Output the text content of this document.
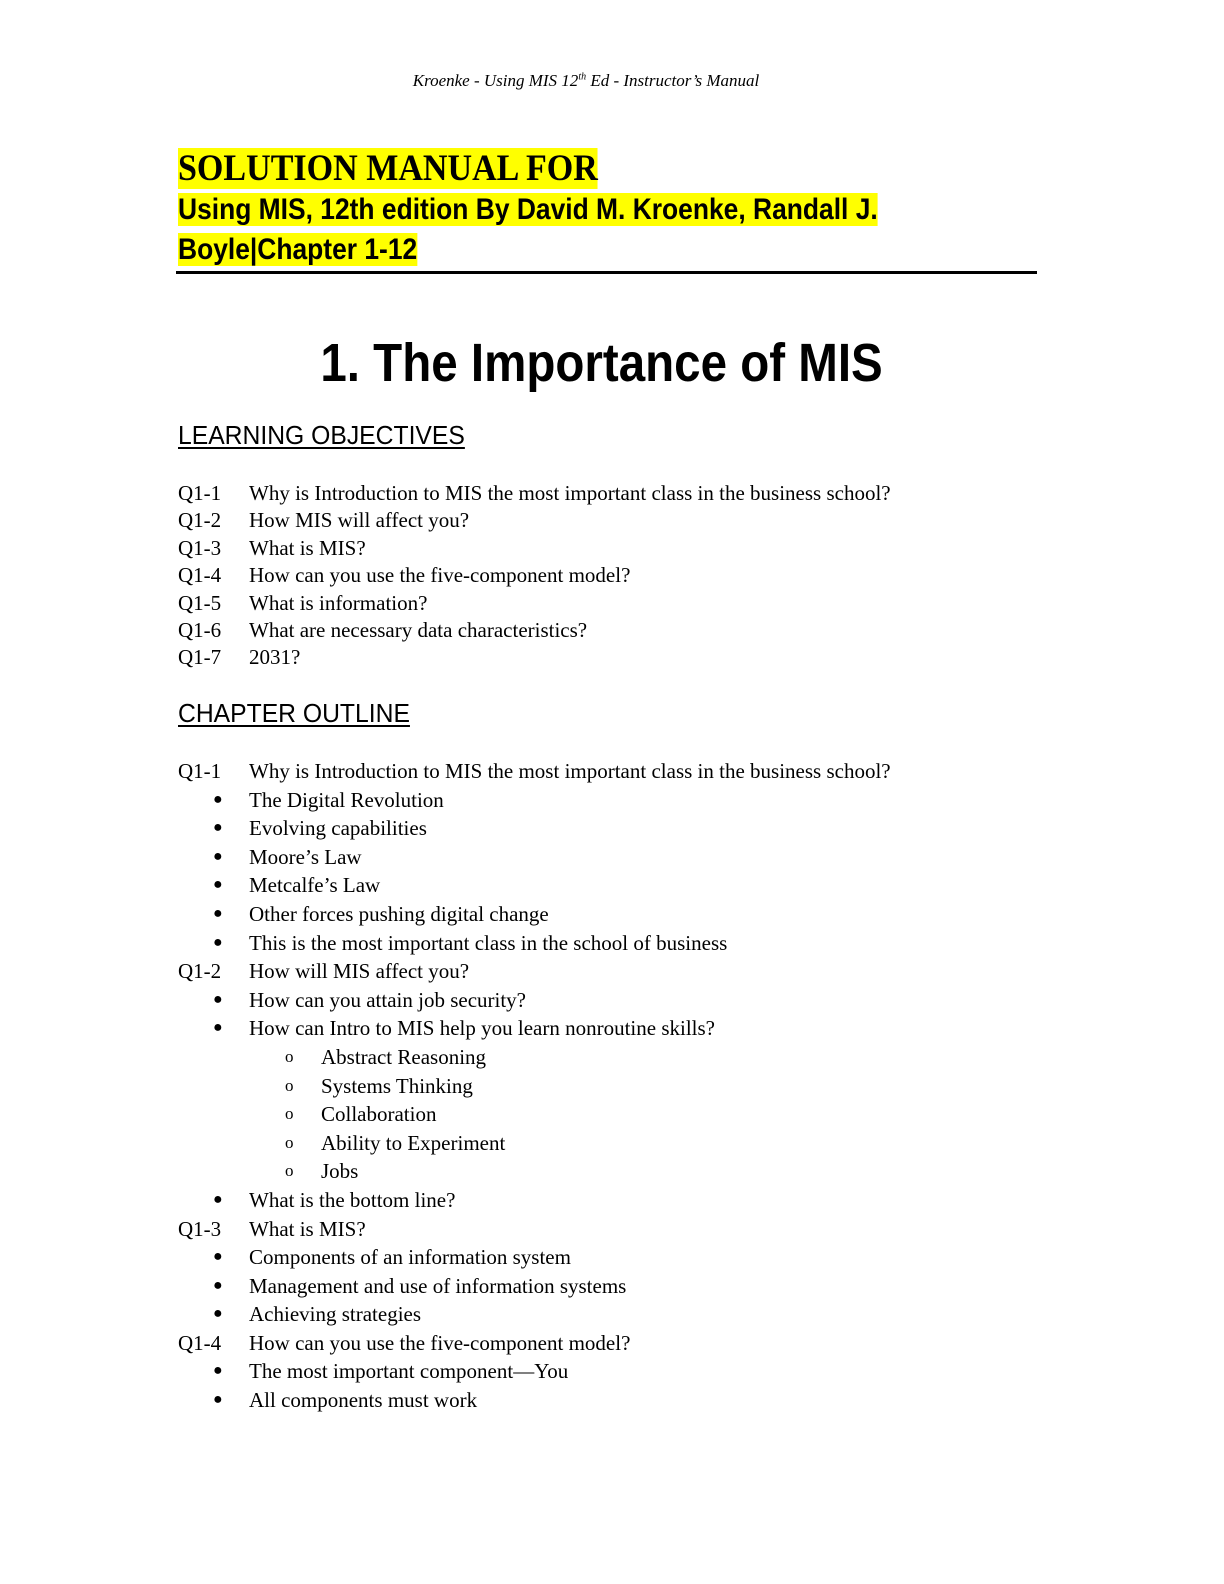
Kroenke - Using MIS 12th Ed - Instructor’s Manual
SOLUTION MANUAL FOR
Using MIS, 12th edition By David M. Kroenke, Randall J.
Boyle|Chapter 1-12
1. The Importance of MIS
LEARNING OBJECTIVES
Q1-1 Why is Introduction to MIS the most important class in the business school?
Q1-2 How MIS will affect you?
Q1-3 What is MIS?
Q1-4 How can you use the five-component model?
Q1-5 What is information?
Q1-6 What are necessary data characteristics?
Q1-7 2031?
CHAPTER OUTLINE
Q1-1 Why is Introduction to MIS the most important class in the business school?
● The Digital Revolution
● Evolving capabilities
● Moore’s Law
● Metcalfe’s Law
● Other forces pushing digital change
● This is the most important class in the school of business
Q1-2 How will MIS affect you?
● How can you attain job security?
● How can Intro to MIS help you learn nonroutine skills?
o Abstract Reasoning
o Systems Thinking
o Collaboration
o Ability to Experiment
o Jobs
● What is the bottom line?
Q1-3 What is MIS?
● Components of an information system
● Management and use of information systems
● Achieving strategies
Q1-4 How can you use the five-component model?
● The most important component—You
● All components must work
